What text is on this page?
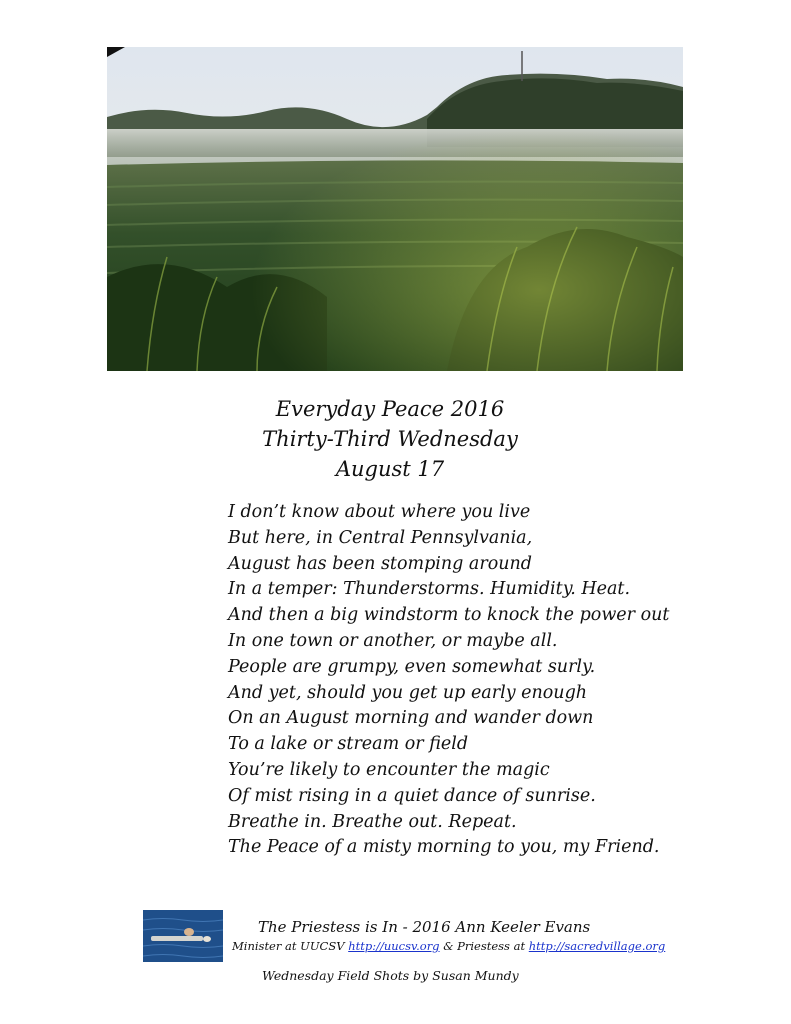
Everyday Peace 2016
Thirty-Third Wednesday
August 17
I don’t know about where you live
But here, in Central Pennsylvania,
August has been stomping around
In a temper: Thunderstorms. Humidity. Heat.
And then a big windstorm to knock the power out
In one town or another, or maybe all.
People are grumpy, even somewhat surly.
And yet, should you get up early enough
On an August morning and wander down
To a lake or stream or field
You’re likely to encounter the magic
Of mist rising in a quiet dance of sunrise.
Breathe in. Breathe out. Repeat.
The Peace of a misty morning to you, my Friend.
The Priestess is In - 2016 Ann Keeler Evans
Minister at UUCSV http://uucsv.org & Priestess at http://sacredvillage.org
Wednesday Field Shots by Susan Mundy
